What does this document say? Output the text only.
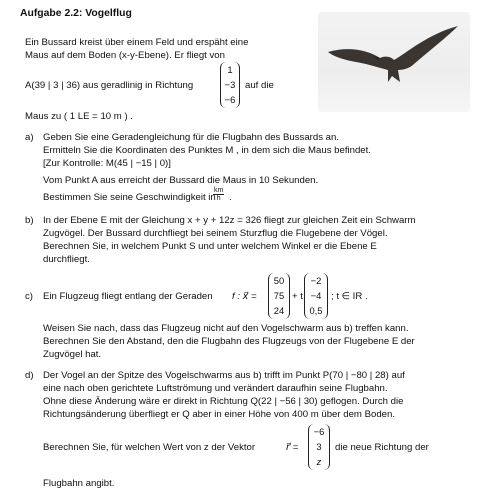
Aufgabe 2.2: Vogelflug
Ein Bussard kreist über einem Feld und erspäht eine
Maus auf dem Boden (x-y-Ebene). Er fliegt von
A(39 | 3 | 36) aus geradlinig in Richtung
1
−3
−6
auf die
Maus zu ( 1 LE = 10 m ) .
a) Geben Sie eine Geradengleichung für die Flugbahn des Bussards an.
Ermitteln Sie die Koordinaten des Punktes M , in dem sich die Maus befindet.
[Zur Kontrolle: M(45 | −15 | 0)]
Vom Punkt A aus erreicht der Bussard die Maus in 10 Sekunden.
Bestimmen Sie seine Geschwindigkeit in
$\frac{km}{h}$ .
b) In der Ebene E mit der Gleichung x + y + 12z = 326 fliegt zur gleichen Zeit ein Schwarm
Zugvögel. Der Bussard durchfliegt bei seinem Sturzflug die Flugebene der Vögel.
Berechnen Sie, in welchem Punkt S und unter welchem Winkel er die Ebene E
durchfliegt.
c) Ein Flugzeug fliegt entlang der Geraden f : x⃗ =
50
75
24
+ t
−2
−4
0,5
; t ∈ IR .
Weisen Sie nach, dass das Flugzeug nicht auf den Vogelschwarm aus b) treffen kann.
Berechnen Sie den Abstand, den die Flugbahn des Flugzeugs von der Flugebene E der
Zugvögel hat.
d) Der Vogel an der Spitze des Vogelschwarms aus b) trifft im Punkt P(70 | −80 | 28) auf
eine nach oben gerichtete Luftströmung und verändert daraufhin seine Flugbahn.
Ohne diese Änderung wäre er direkt in Richtung Q(22 | −56 | 30) geflogen. Durch die
Richtungsänderung überfliegt er Q aber in einer Höhe von 400 m über dem Boden.
Berechnen Sie, für welchen Wert von z der Vektor	r⃗ =
−6
3
z
die neue Richtung der
Flugbahn angibt.
